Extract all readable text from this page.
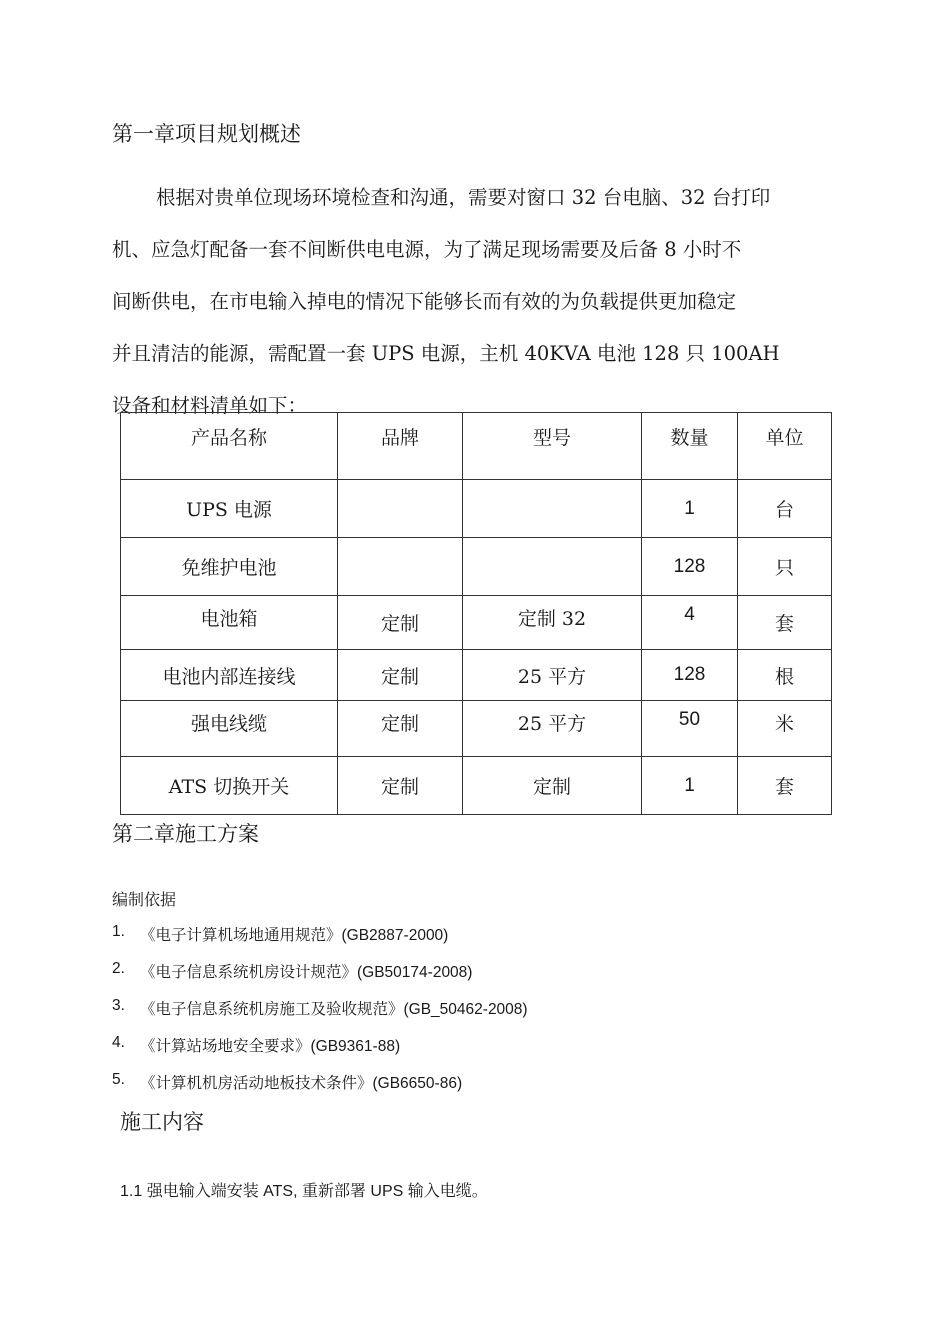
第一章项目规划概述

根据对贵单位现场环境检查和沟通，需要对窗口 32 台电脑、32 台打印

机、应急灯配备一套不间断供电电源，为了满足现场需要及后备 8 小时不

间断供电，在市电输入掉电的情况下能够长而有效的为负载提供更加稳定

并且清洁的能源，需配置一套 UPS 电源，主机 40KVA 电池 128 只 100AH

设备和材料清单如下：
产品名称	品牌	型号	数量	单位
UPS 电源			1	台
免维护电池			128	只
电池箱	定制	定制 32	4	套
电池内部连接线	定制	25 平方	128	根
强电线缆	定制	25 平方	50	米
ATS 切换开关	定制	定制	1	套
第二章施工方案
编制依据
1. 《电子计算机场地通用规范》(GB2887-2000)
2. 《电子信息系统机房设计规范》(GB50174-2008)
3. 《电子信息系统机房施工及验收规范》(GB_50462-2008)
4. 《计算站场地安全要求》(GB9361-88)
5. 《计算机机房活动地板技术条件》(GB6650-86)
施工内容
1.1 强电输入端安装 ATS, 重新部署 UPS 输入电缆。
